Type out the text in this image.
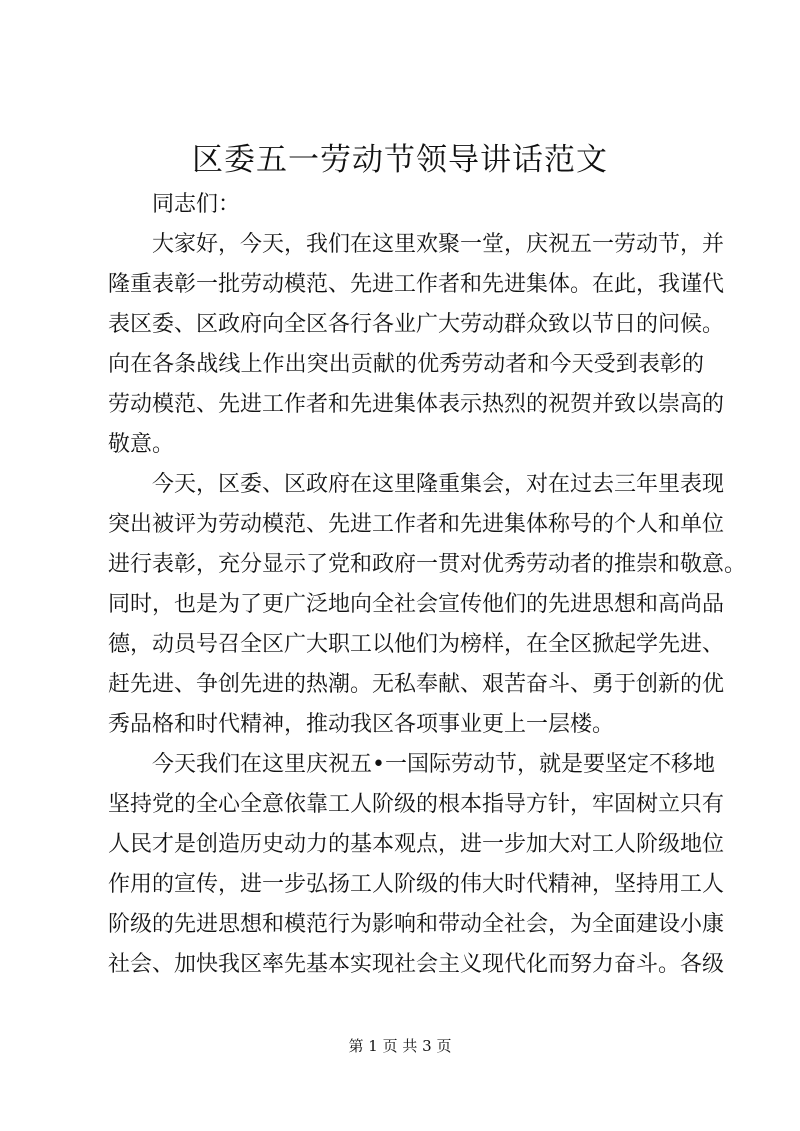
区委五一劳动节领导讲话范文

同志们：

大家好，今天，我们在这里欢聚一堂，庆祝五一劳动节，并
隆重表彰一批劳动模范、先进工作者和先进集体。在此，我谨代
表区委、区政府向全区各行各业广大劳动群众致以节日的问候。
向在各条战线上作出突出贡献的优秀劳动者和今天受到表彰的
劳动模范、先进工作者和先进集体表示热烈的祝贺并致以崇高的
敬意。

今天，区委、区政府在这里隆重集会，对在过去三年里表现
突出被评为劳动模范、先进工作者和先进集体称号的个人和单位
进行表彰，充分显示了党和政府一贯对优秀劳动者的推崇和敬意。
同时，也是为了更广泛地向全社会宣传他们的先进思想和高尚品
德，动员号召全区广大职工以他们为榜样，在全区掀起学先进、
赶先进、争创先进的热潮。无私奉献、艰苦奋斗、勇于创新的优
秀品格和时代精神，推动我区各项事业更上一层楼。

今天我们在这里庆祝五•一国际劳动节，就是要坚定不移地
坚持党的全心全意依靠工人阶级的根本指导方针，牢固树立只有
人民才是创造历史动力的基本观点，进一步加大对工人阶级地位
作用的宣传，进一步弘扬工人阶级的伟大时代精神，坚持用工人
阶级的先进思想和模范行为影响和带动全社会，为全面建设小康
社会、加快我区率先基本实现社会主义现代化而努力奋斗。各级

第 1 页 共 3 页
